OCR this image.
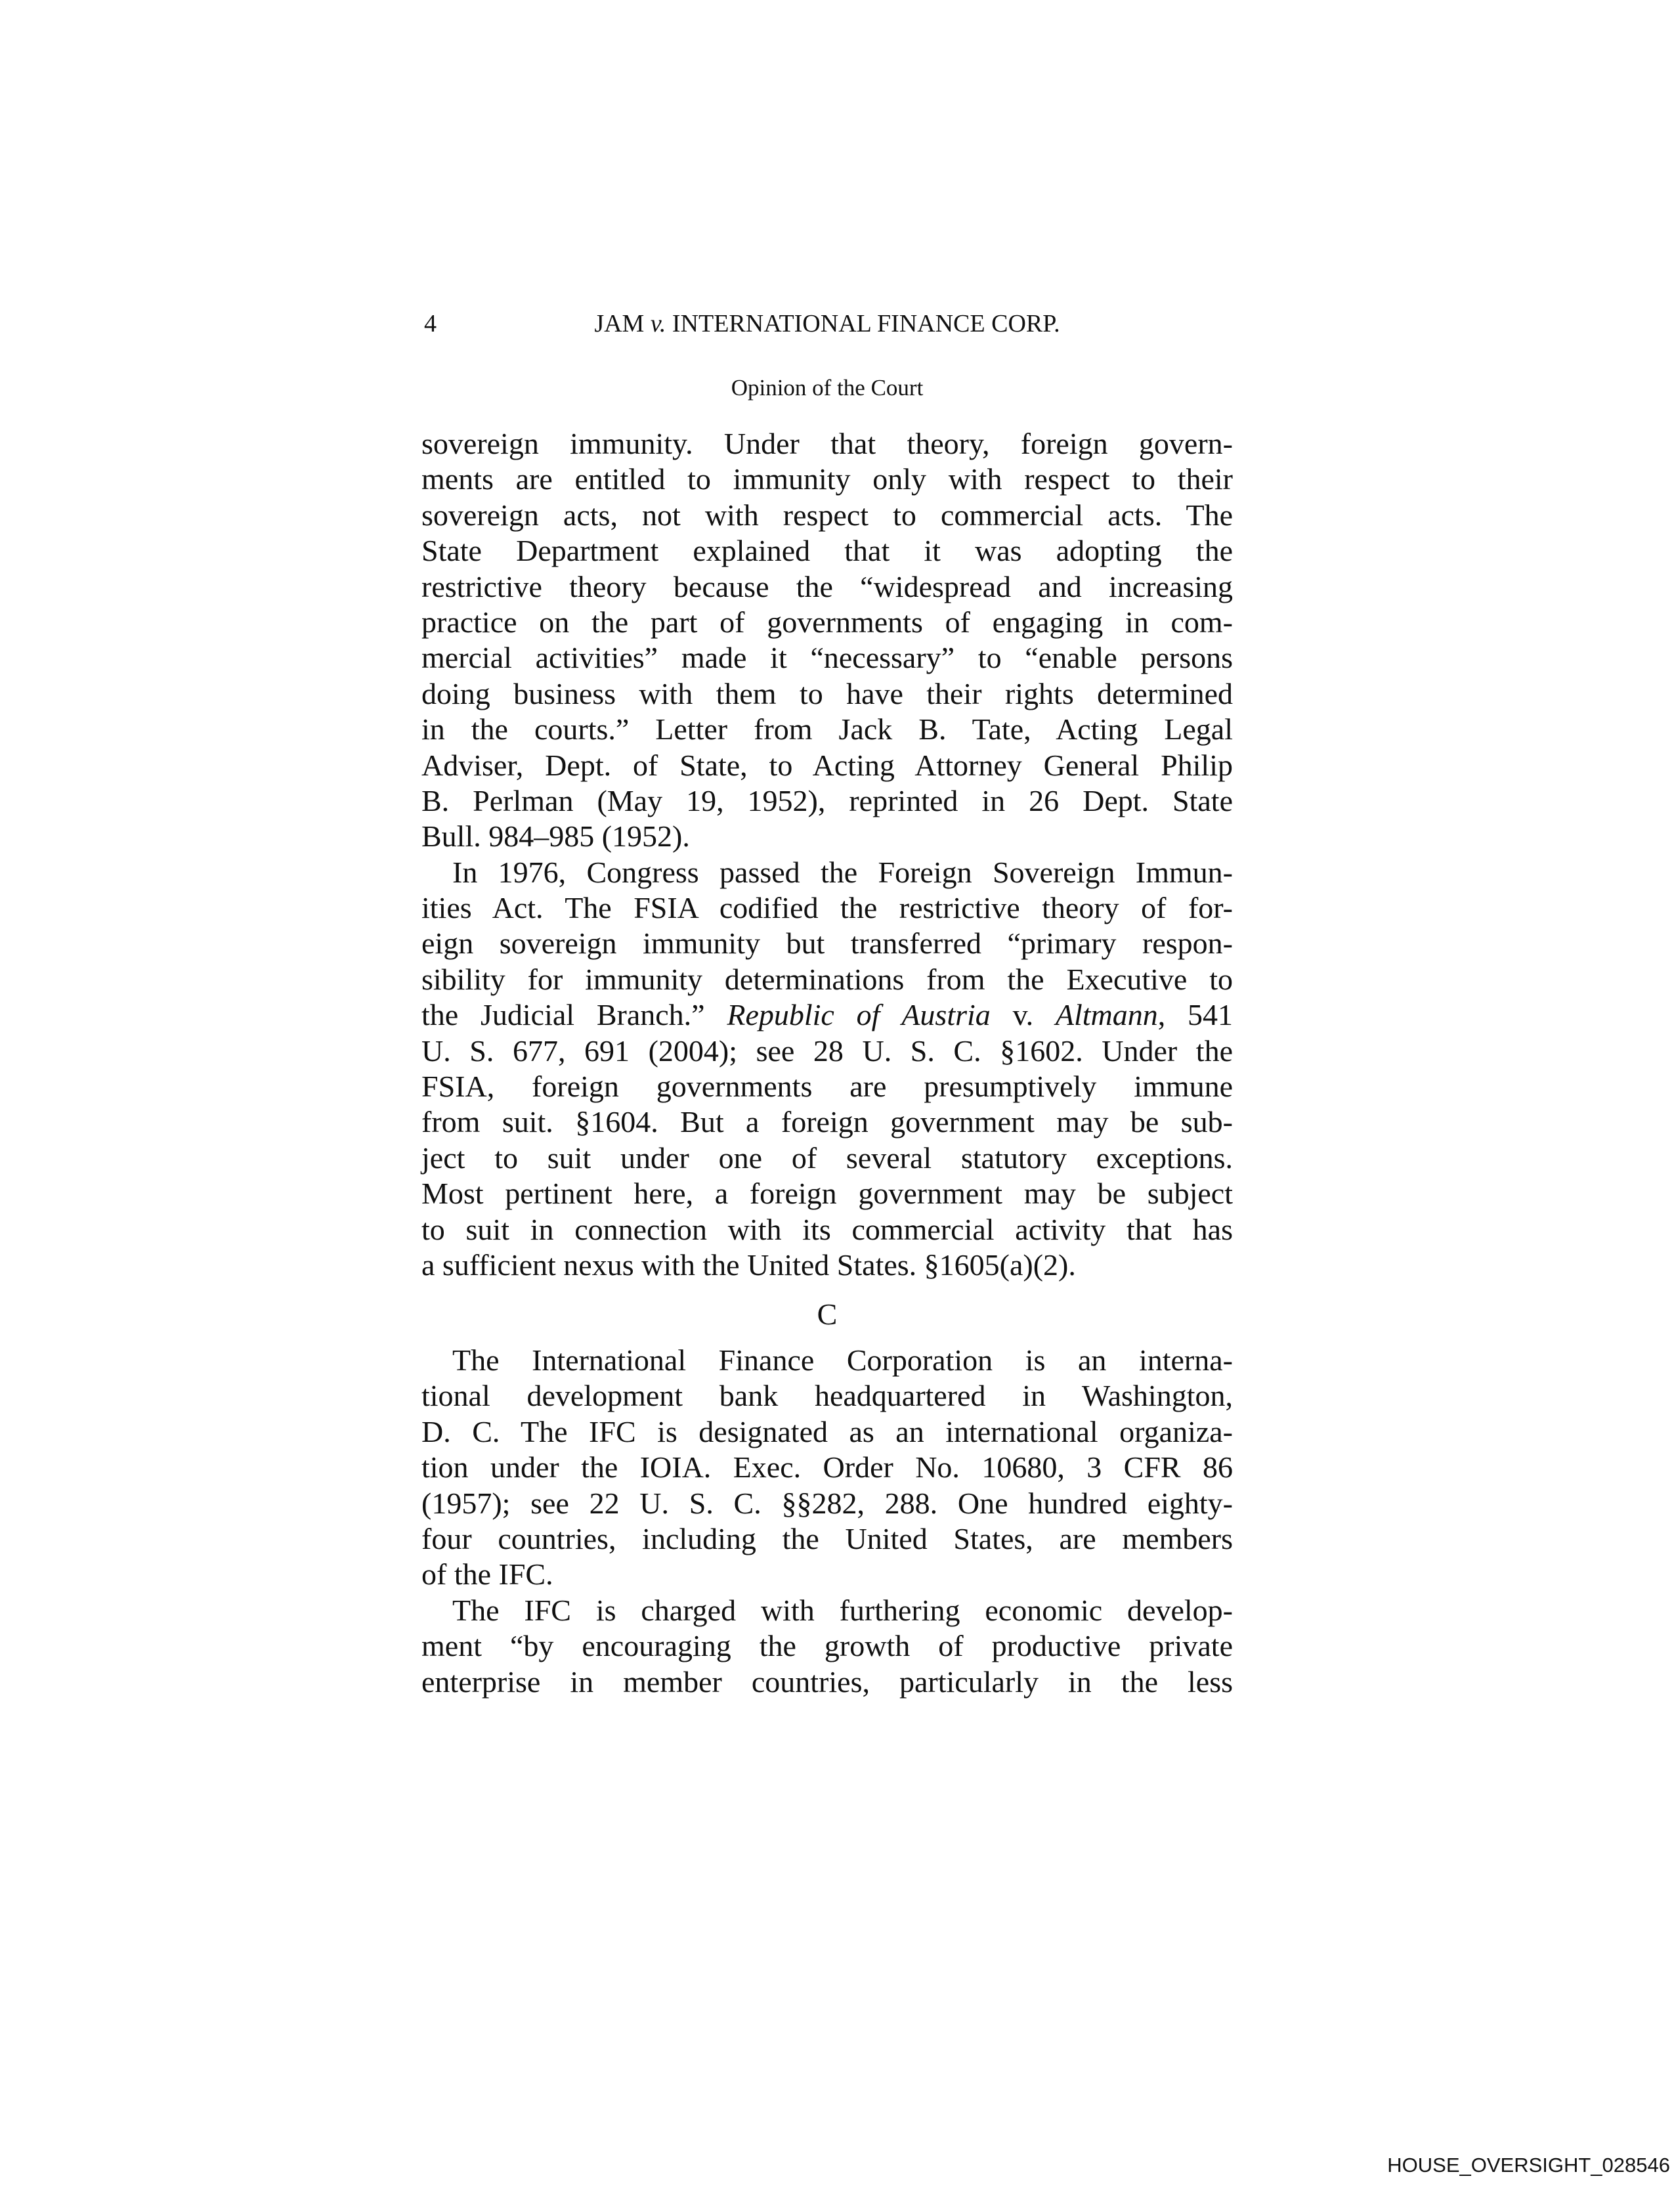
4	JAM v. INTERNATIONAL FINANCE CORP.
Opinion of the Court
sovereign immunity. Under that theory, foreign govern-
ments are entitled to immunity only with respect to their
sovereign acts, not with respect to commercial acts. The
State Department explained that it was adopting the
restrictive theory because the “widespread and increasing
practice on the part of governments of engaging in com-
mercial activities” made it “necessary” to “enable persons
doing business with them to have their rights determined
in the courts.” Letter from Jack B. Tate, Acting Legal
Adviser, Dept. of State, to Acting Attorney General Philip
B. Perlman (May 19, 1952), reprinted in 26 Dept. State
Bull. 984–985 (1952).
In 1976, Congress passed the Foreign Sovereign Immun-
ities Act. The FSIA codified the restrictive theory of for-
eign sovereign immunity but transferred “primary respon-
sibility for immunity determinations from the Executive to
the Judicial Branch.” Republic of Austria v. Altmann, 541
U. S. 677, 691 (2004); see 28 U. S. C. §1602. Under the
FSIA, foreign governments are presumptively immune
from suit. §1604. But a foreign government may be sub-
ject to suit under one of several statutory exceptions.
Most pertinent here, a foreign government may be subject
to suit in connection with its commercial activity that has
a sufficient nexus with the United States. §1605(a)(2).
C
The International Finance Corporation is an interna-
tional development bank headquartered in Washington,
D. C. The IFC is designated as an international organiza-
tion under the IOIA. Exec. Order No. 10680, 3 CFR 86
(1957); see 22 U. S. C. §§282, 288. One hundred eighty-
four countries, including the United States, are members
of the IFC.
The IFC is charged with furthering economic develop-
ment “by encouraging the growth of productive private
enterprise in member countries, particularly in the less
HOUSE_OVERSIGHT_028546
